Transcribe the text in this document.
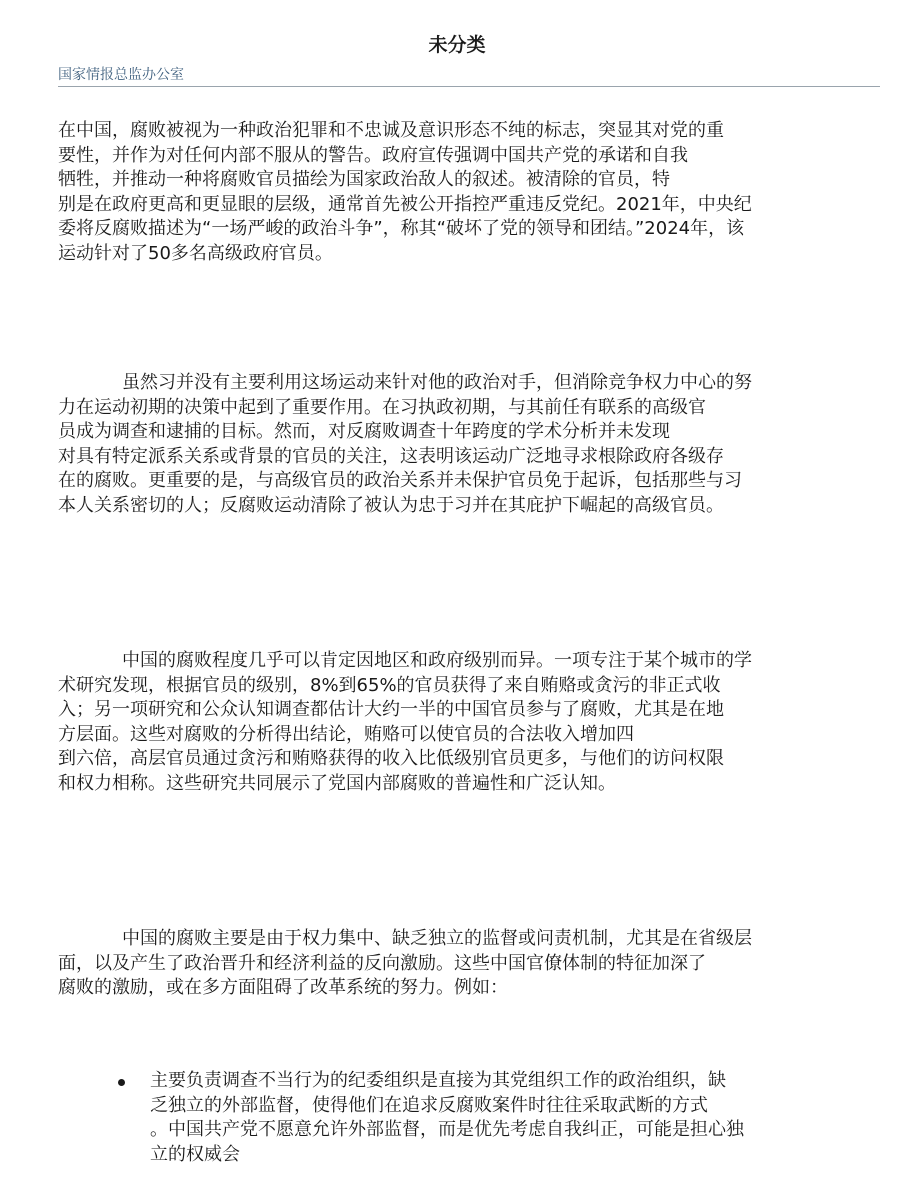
未分类
国家情报总监办公室
在中国，腐败被视为一种政治犯罪和不忠诚及意识形态不纯的标志，突显其对党的重
要性，并作为对任何内部不服从的警告。政府宣传强调中国共产党的承诺和自我
牺牲，并推动一种将腐败官员描绘为国家政治敌人的叙述。被清除的官员，特
别是在政府更高和更显眼的层级，通常首先被公开指控严重违反党纪。2021年，中央纪
委将反腐败描述为“一场严峻的政治斗争”，称其“破坏了党的领导和团结。”2024年，该
运动针对了50多名高级政府官员。
虽然习并没有主要利用这场运动来针对他的政治对手，但消除竞争权力中心的努
力在运动初期的决策中起到了重要作用。在习执政初期，与其前任有联系的高级官
员成为调查和逮捕的目标。然而，对反腐败调查十年跨度的学术分析并未发现
对具有特定派系关系或背景的官员的关注，这表明该运动广泛地寻求根除政府各级存
在的腐败。更重要的是，与高级官员的政治关系并未保护官员免于起诉，包括那些与习
本人关系密切的人；反腐败运动清除了被认为忠于习并在其庇护下崛起的高级官员。
中国的腐败程度几乎可以肯定因地区和政府级别而异。一项专注于某个城市的学
术研究发现，根据官员的级别，8%到65%的官员获得了来自贿赂或贪污的非正式收
入；另一项研究和公众认知调查都估计大约一半的中国官员参与了腐败，尤其是在地
方层面。这些对腐败的分析得出结论，贿赂可以使官员的合法收入增加四
到六倍，高层官员通过贪污和贿赂获得的收入比低级别官员更多，与他们的访问权限
和权力相称。这些研究共同展示了党国内部腐败的普遍性和广泛认知。
中国的腐败主要是由于权力集中、缺乏独立的监督或问责机制，尤其是在省级层
面，以及产生了政治晋升和经济利益的反向激励。这些中国官僚体制的特征加深了
腐败的激励，或在多方面阻碍了改革系统的努力。例如：
主要负责调查不当行为的纪委组织是直接为其党组织工作的政治组织，缺
乏独立的外部监督，使得他们在追求反腐败案件时往往采取武断的方式
。中国共产党不愿意允许外部监督，而是优先考虑自我纠正，可能是担心独
立的权威会
